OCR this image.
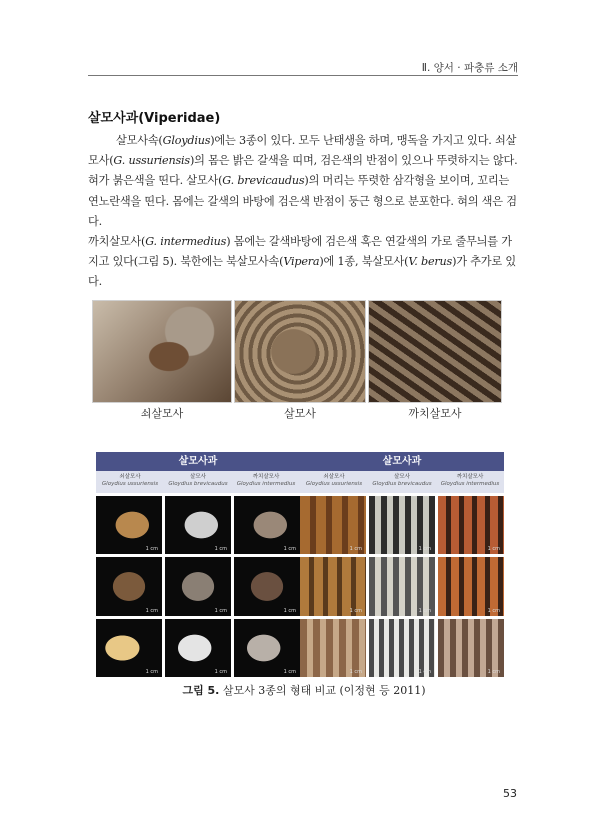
Ⅱ. 양서 · 파충류 소개
살모사과(Viperidae)

살모사속(Gloydius)에는 3종이 있다. 모두 난태생을 하며, 맹독을 가지고 있다. 쇠살모사(G. ussuriensis)의 몸은 밝은 갈색을 띠며, 검은색의 반점이 있으나 뚜렷하지는 않다. 혀가 붉은색을 띤다. 살모사(G. brevicaudus)의 머리는 뚜렷한 삼각형을 보이며, 꼬리는 연노란색을 띤다. 몸에는 갈색의 바탕에 검은색 반점이 둥근 형으로 분포한다. 혀의 색은 검다.

까치살모사(G. intermedius) 몸에는 갈색바탕에 검은색 혹은 연갈색의 가로 줄무늬를 가지고 있다(그림 5). 북한에는 북살모사속(Vipera)에 1종, 북살모사(V. berus)가 추가로 있다.

쇠살모사	살모사	까치살모사
살모사과
쇠살모사
Gloydius ussuriensis
살모사
Gloydius brevicaudus
까치살모사
Gloydius intermedius
1 cm	1 cm	1 cm
1 cm	1 cm	1 cm
1 cm	1 cm	1 cm
살모사과
쇠살모사
Gloydius ussuriensis
살모사
Gloydius brevicaudus
까치살모사
Gloydius intermedius
1 cm	1 cm	1 cm
1 cm	1 cm	1 cm
1 cm	1 cm	1 cm
그림 5. 살모사 3종의 형태 비교 (이정현 등 2011)
53
